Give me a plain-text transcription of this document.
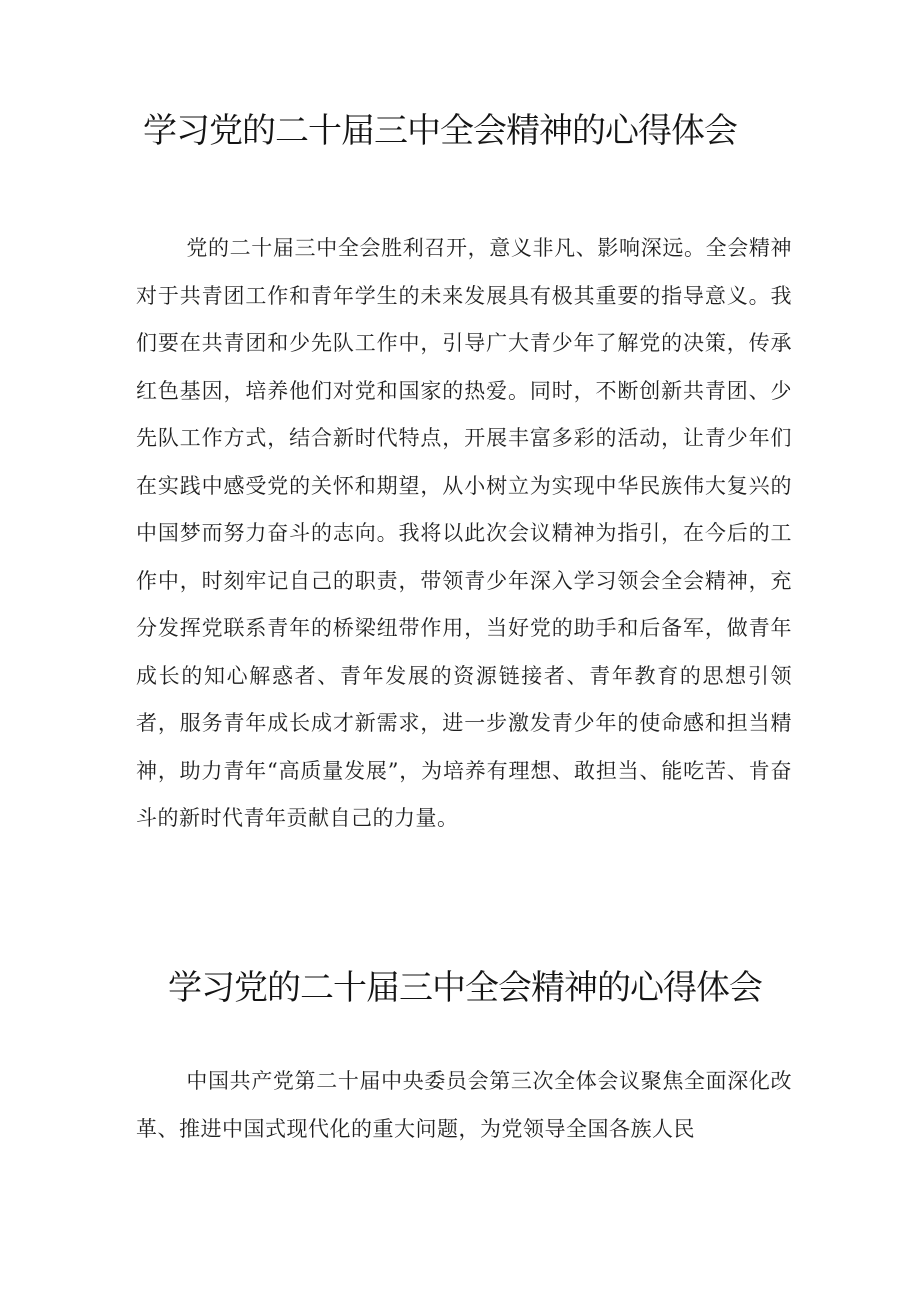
学习党的二十届三中全会精神的心得体会

党的二十届三中全会胜利召开，意义非凡、影响深远。全会精神对于共青团工作和青年学生的未来发展具有极其重要的指导意义。我们要在共青团和少先队工作中，引导广大青少年了解党的决策，传承红色基因，培养他们对党和国家的热爱。同时，不断创新共青团、少先队工作方式，结合新时代特点，开展丰富多彩的活动，让青少年们在实践中感受党的关怀和期望，从小树立为实现中华民族伟大复兴的中国梦而努力奋斗的志向。我将以此次会议精神为指引，在今后的工作中，时刻牢记自己的职责，带领青少年深入学习领会全会精神，充分发挥党联系青年的桥梁纽带作用，当好党的助手和后备军，做青年成长的知心解惑者、青年发展的资源链接者、青年教育的思想引领者，服务青年成长成才新需求，进一步激发青少年的使命感和担当精神，助力青年“高质量发展”，为培养有理想、敢担当、能吃苦、肯奋斗的新时代青年贡献自己的力量。

学习党的二十届三中全会精神的心得体会

中国共产党第二十届中央委员会第三次全体会议聚焦全面深化改革、推进中国式现代化的重大问题，为党领导全国各族人民
